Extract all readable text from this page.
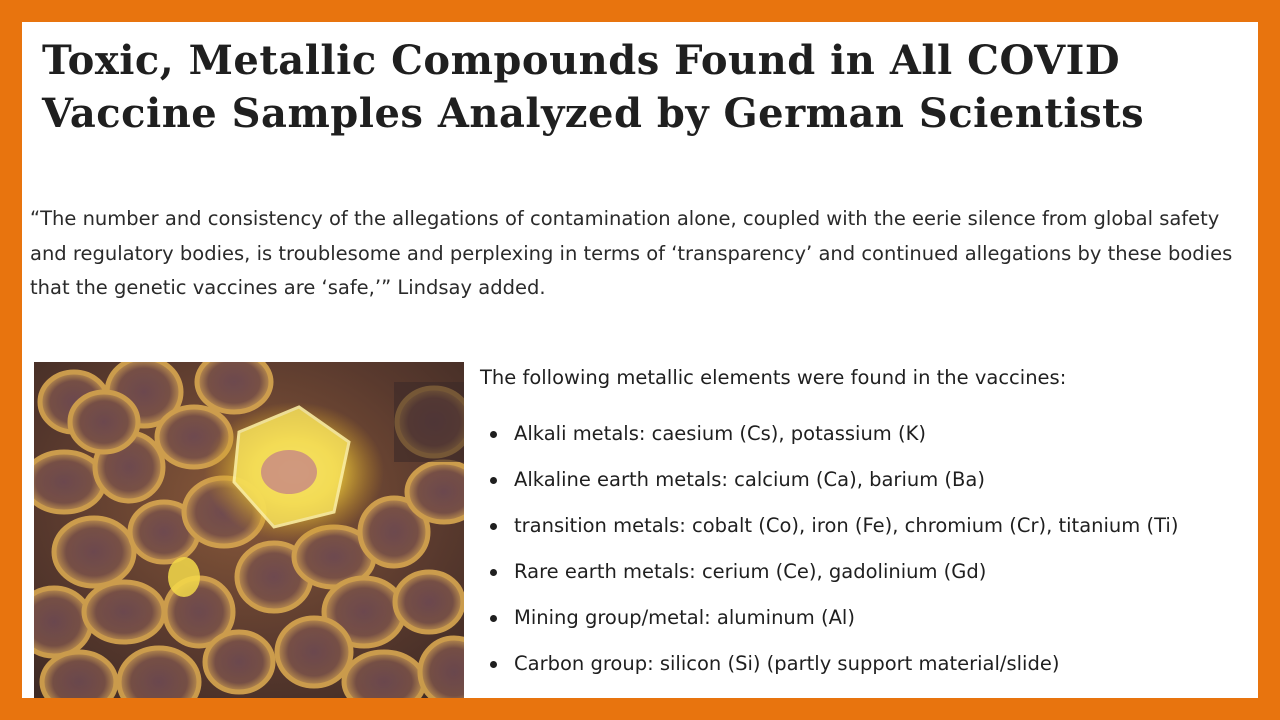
Toxic, Metallic Compounds Found in All COVID Vaccine Samples Analyzed by German Scientists

“The number and consistency of the allegations of contamination alone, coupled with the eerie silence from global safety and regulatory bodies, is troublesome and perplexing in terms of ‘transparency’ and continued allegations by these bodies that the genetic vaccines are ‘safe,’” Lindsay added.

The following metallic elements were found in the vaccines:

Alkali metals: caesium (Cs), potassium (K)
Alkaline earth metals: calcium (Ca), barium (Ba)
transition metals: cobalt (Co), iron (Fe), chromium (Cr), titanium (Ti)
Rare earth metals: cerium (Ce), gadolinium (Gd)
Mining group/metal: aluminum (Al)
Carbon group: silicon (Si) (partly support material/slide)
